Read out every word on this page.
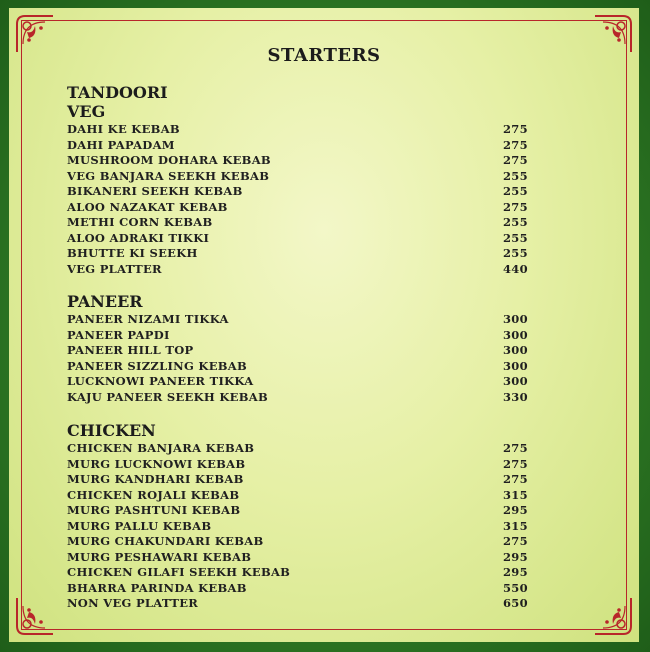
STARTERS
TANDOORI
VEG
DAHI KE KEBAB	275
DAHI PAPADAM	275
MUSHROOM DOHARA KEBAB	275
VEG BANJARA SEEKH KEBAB	255
BIKANERI SEEKH KEBAB	255
ALOO NAZAKAT KEBAB	275
METHI CORN KEBAB	255
ALOO ADRAKI TIKKI	255
BHUTTE KI SEEKH	255
VEG PLATTER	440
PANEER
PANEER NIZAMI TIKKA	300
PANEER PAPDI	300
PANEER HILL TOP	300
PANEER SIZZLING KEBAB	300
LUCKNOWI PANEER TIKKA	300
KAJU PANEER SEEKH KEBAB	330
CHICKEN
CHICKEN BANJARA KEBAB	275
MURG LUCKNOWI KEBAB	275
MURG KANDHARI KEBAB	275
CHICKEN ROJALI KEBAB	315
MURG PASHTUNI KEBAB	295
MURG PALLU KEBAB	315
MURG CHAKUNDARI KEBAB	275
MURG PESHAWARI KEBAB	295
CHICKEN GILAFI SEEKH KEBAB	295
BHARRA PARINDA KEBAB	550
NON VEG PLATTER	650
